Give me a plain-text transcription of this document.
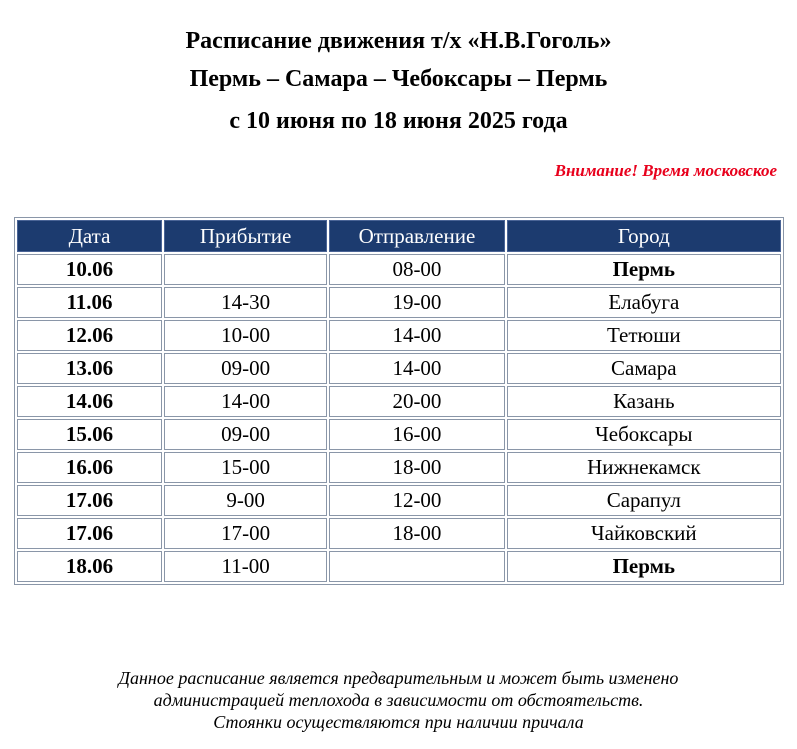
Расписание движения т/х «Н.В.Гоголь»
Пермь – Самара – Чебоксары – Пермь
с 10 июня по 18 июня 2025 года
Внимание! Время московское
Дата	Прибытие	Отправление	Город
10.06		08-00	Пермь
11.06	14-30	19-00	Елабуга
12.06	10-00	14-00	Тетюши
13.06	09-00	14-00	Самара
14.06	14-00	20-00	Казань
15.06	09-00	16-00	Чебоксары
16.06	15-00	18-00	Нижнекамск
17.06	9-00	12-00	Сарапул
17.06	17-00	18-00	Чайковский
18.06	11-00		Пермь
Данное расписание является предварительным и может быть изменено
администрацией теплохода в зависимости от обстоятельств.
Стоянки осуществляются при наличии причала
